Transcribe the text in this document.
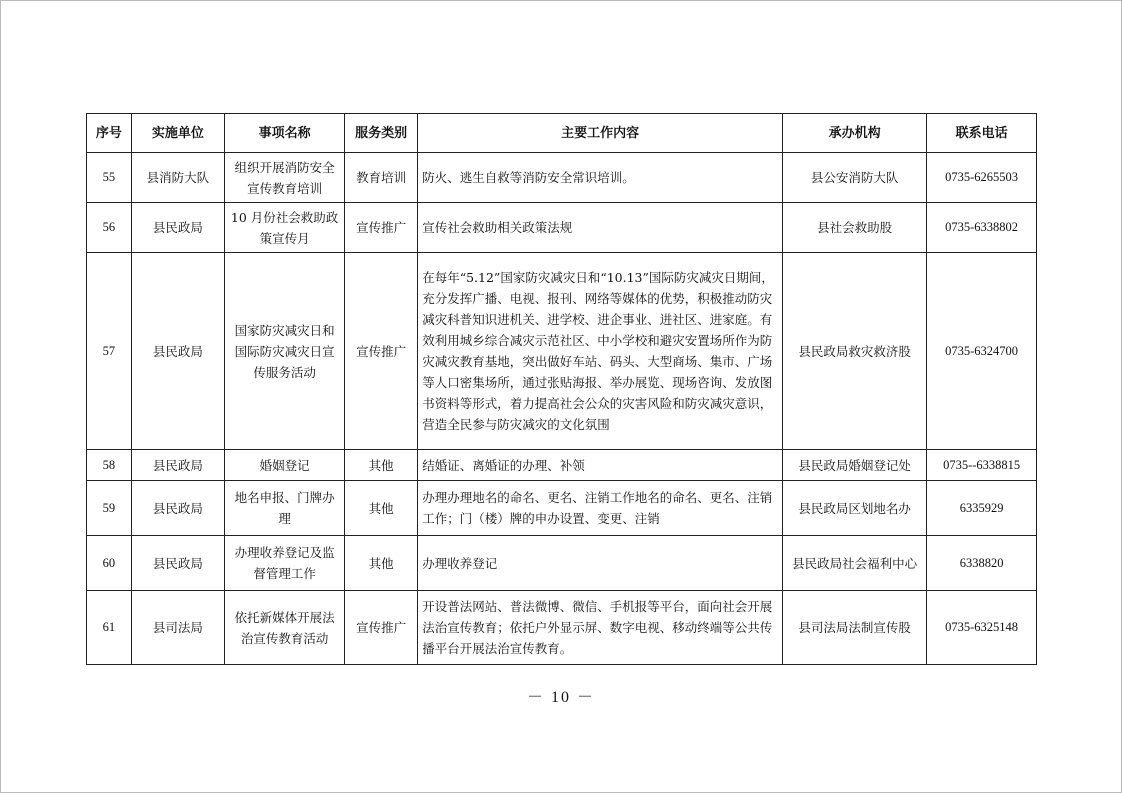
序号	实施单位	事项名称	服务类别	主要工作内容	承办机构	联系电话
55	县消防大队	组织开展消防安全宣传教育培训	教育培训	防火、逃生自救等消防安全常识培训。	县公安消防大队	0735-6265503
56	县民政局	10 月份社会救助政策宣传月	宣传推广	宣传社会救助相关政策法规	县社会救助股	0735-6338802
57	县民政局	国家防灾减灾日和国际防灾减灾日宣传服务活动	宣传推广	在每年“5.12”国家防灾减灾日和“10.13”国际防灾减灾日期间，充分发挥广播、电视、报刊、网络等媒体的优势，积极推动防灾减灾科普知识进机关、进学校、进企事业、进社区、进家庭。有效利用城乡综合减灾示范社区、中小学校和避灾安置场所作为防灾减灾教育基地，突出做好车站、码头、大型商场、集市、广场等人口密集场所，通过张贴海报、举办展览、现场咨询、发放图书资料等形式，着力提高社会公众的灾害风险和防灾减灾意识，营造全民参与防灾减灾的文化氛围	县民政局救灾救济股	0735-6324700
58	县民政局	婚姻登记	其他	结婚证、离婚证的办理、补领	县民政局婚姻登记处	0735--6338815
59	县民政局	地名申报、门牌办理	其他	办理办理地名的命名、更名、注销工作地名的命名、更名、注销工作；门（楼）牌的申办设置、变更、注销	县民政局区划地名办	6335929
60	县民政局	办理收养登记及监督管理工作	其他	办理收养登记	县民政局社会福利中心	6338820
61	县司法局	依托新媒体开展法治宣传教育活动	宣传推广	开设普法网站、普法微博、微信、手机报等平台，面向社会开展法治宣传教育；依托户外显示屏、数字电视、移动终端等公共传播平台开展法治宣传教育。	县司法局法制宣传股	0735-6325148
－ 10 －
